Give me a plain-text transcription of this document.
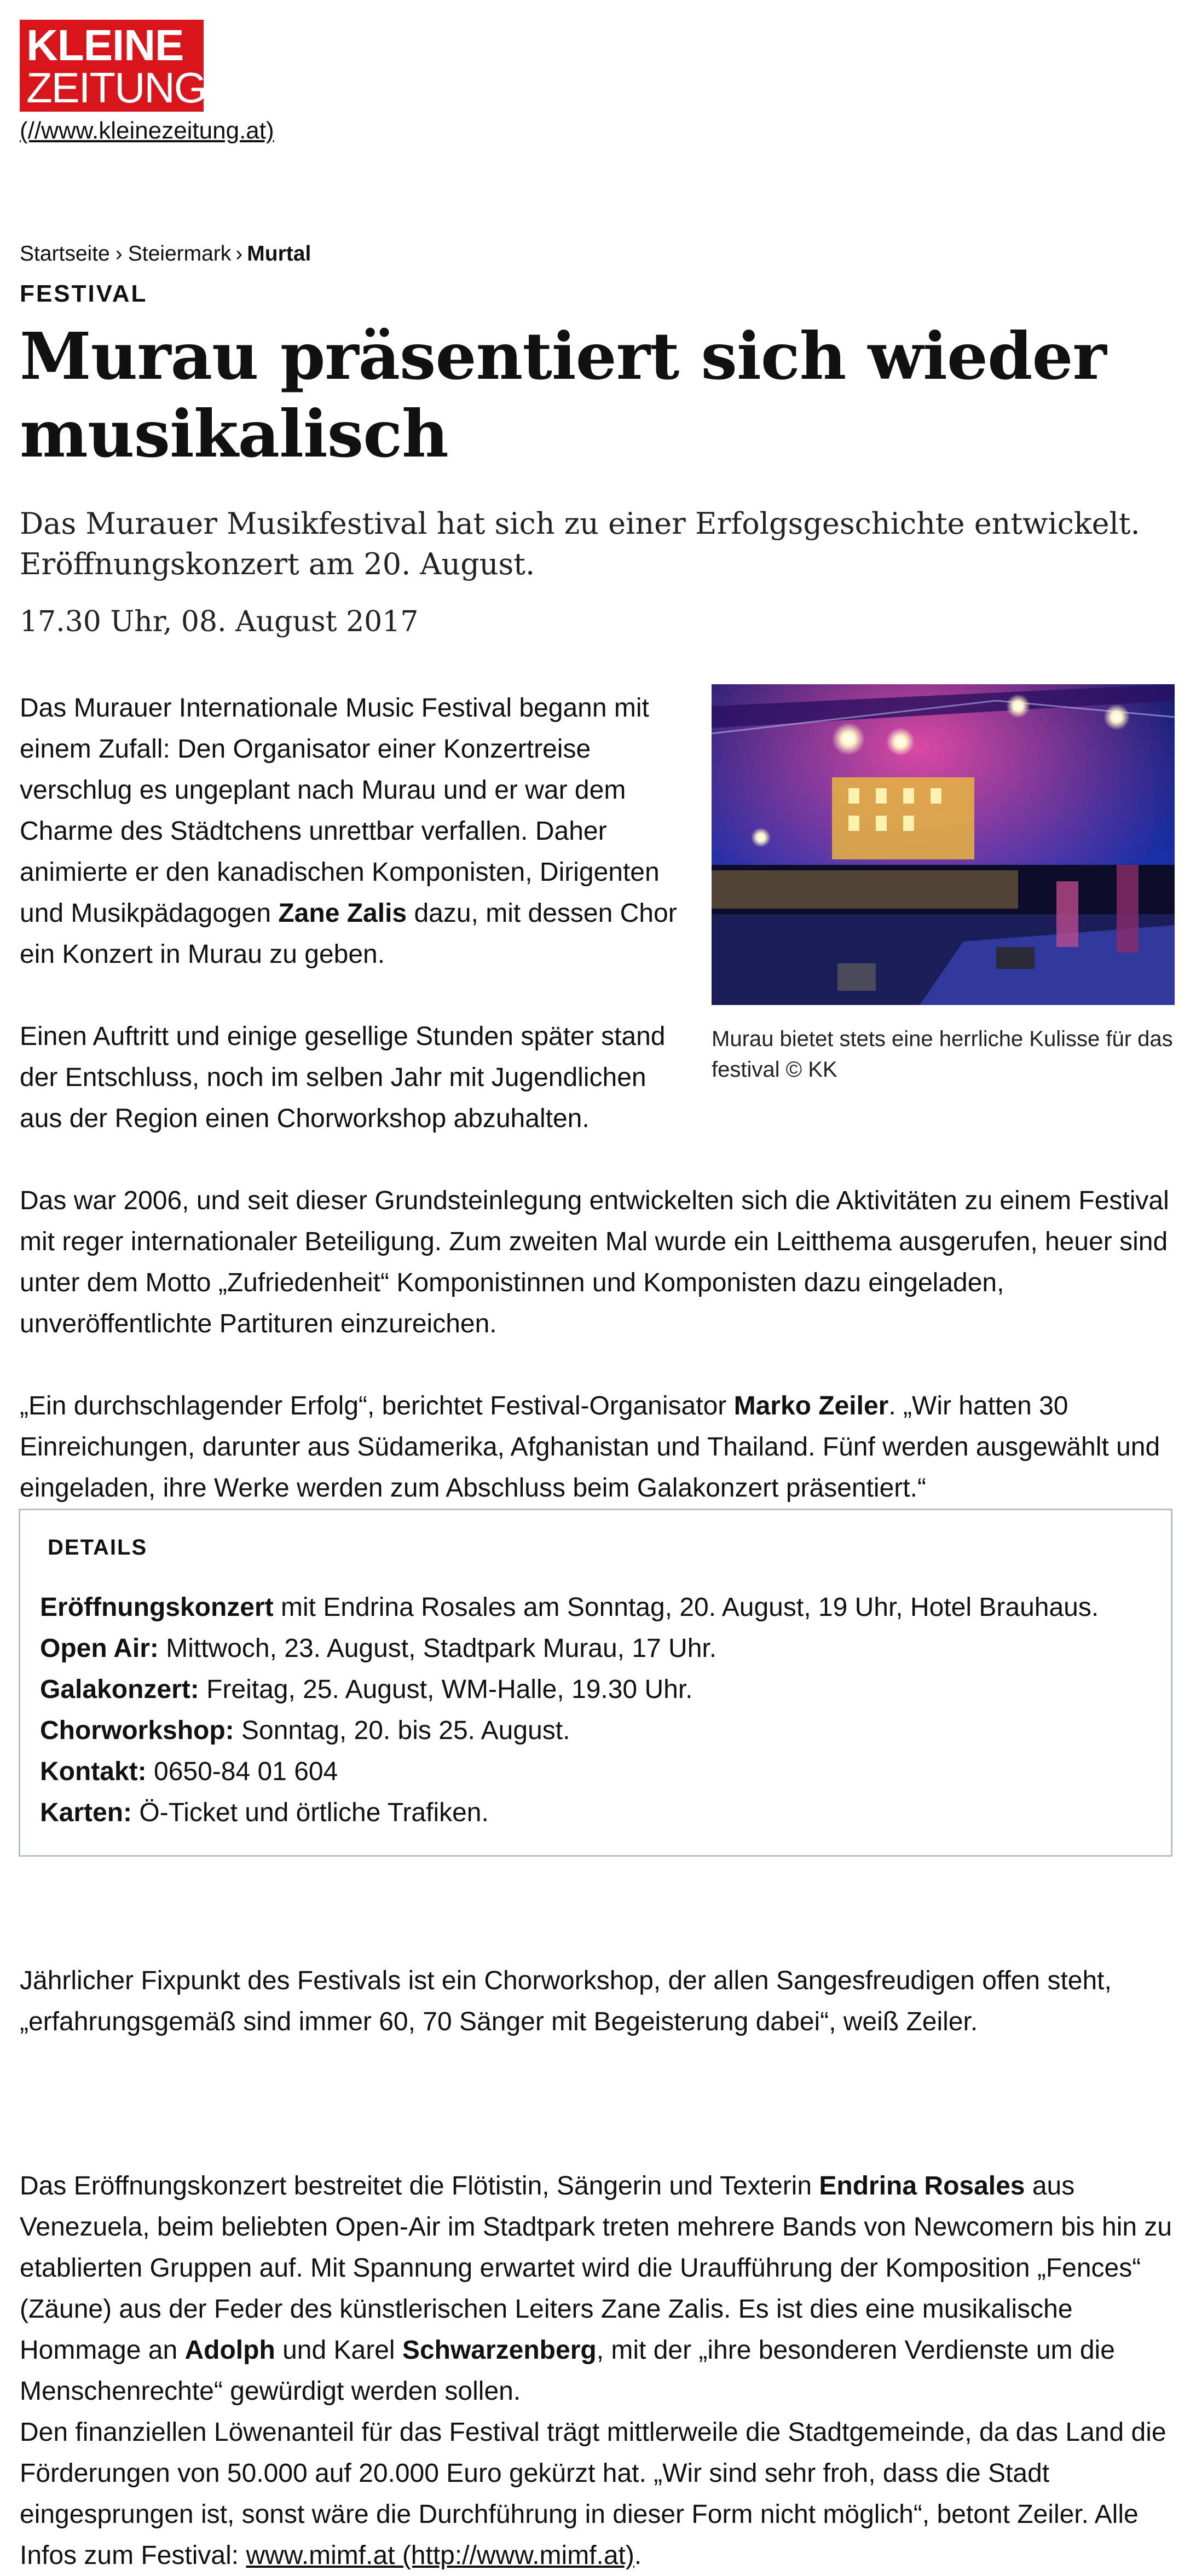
KLEINE
ZEITUNG
(//www.kleinezeitung.at)
Startseite › Steiermark › Murtal
FESTIVAL
Murau präsentiert sich wieder musikalisch

Das Murauer Musikfestival hat sich zu einer Erfolgsgeschichte entwickelt. Eröffnungskonzert am 20. August.

17.30 Uhr, 08. August 2017

Murau bietet stets eine herrliche Kulisse für das festival © KK

Das Murauer Internationale Music Festival begann mit einem Zufall: Den Organisator einer Konzertreise verschlug es ungeplant nach Murau und er war dem Charme des Städtchens unrettbar verfallen. Daher animierte er den kanadischen Komponisten, Dirigenten und Musikpädagogen Zane Zalis dazu, mit dessen Chor ein Konzert in Murau zu geben.

Einen Auftritt und einige gesellige Stunden später stand der Entschluss, noch im selben Jahr mit Jugendlichen aus der Region einen Chorworkshop abzuhalten.

Das war 2006, und seit dieser Grundsteinlegung entwickelten sich die Aktivitäten zu einem Festival mit reger internationaler Beteiligung. Zum zweiten Mal wurde ein Leitthema ausgerufen, heuer sind unter dem Motto „Zufriedenheit“ Komponistinnen und Komponisten dazu eingeladen, unveröffentlichte Partituren einzureichen.

„Ein durchschlagender Erfolg“, berichtet Festival-Organisator Marko Zeiler. „Wir hatten 30 Einreichungen, darunter aus Südamerika, Afghanistan und Thailand. Fünf werden ausgewählt und eingeladen, ihre Werke werden zum Abschluss beim Galakonzert präsentiert.“

DETAILS
Eröffnungskonzert mit Endrina Rosales am Sonntag, 20. August, 19 Uhr, Hotel Brauhaus.
Open Air: Mittwoch, 23. August, Stadtpark Murau, 17 Uhr.
Galakonzert: Freitag, 25. August, WM-Halle, 19.30 Uhr.
Chorworkshop: Sonntag, 20. bis 25. August.
Kontakt: 0650-84 01 604
Karten: Ö-Ticket und örtliche Trafiken.

Jährlicher Fixpunkt des Festivals ist ein Chorworkshop, der allen Sangesfreudigen offen steht, „erfahrungsgemäß sind immer 60, 70 Sänger mit Begeisterung dabei“, weiß Zeiler.

Das Eröffnungskonzert bestreitet die Flötistin, Sängerin und Texterin Endrina Rosales aus Venezuela, beim beliebten Open-Air im Stadtpark treten mehrere Bands von Newcomern bis hin zu etablierten Gruppen auf. Mit Spannung erwartet wird die Uraufführung der Komposition „Fences“ (Zäune) aus der Feder des künstlerischen Leiters Zane Zalis. Es ist dies eine musikalische Hommage an Adolph und Karel Schwarzenberg, mit der „ihre besonderen Verdienste um die Menschenrechte“ gewürdigt werden sollen.

Den finanziellen Löwenanteil für das Festival trägt mittlerweile die Stadtgemeinde, da das Land die Förderungen von 50.000 auf 20.000 Euro gekürzt hat. „Wir sind sehr froh, dass die Stadt eingesprungen ist, sonst wäre die Durchführung in dieser Form nicht möglich“, betont Zeiler. Alle Infos zum Festival: www.mimf.at (http://www.mimf.at).
